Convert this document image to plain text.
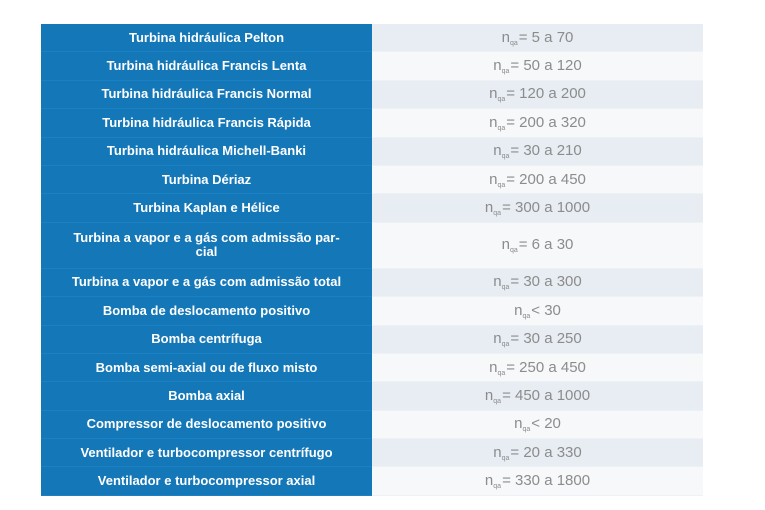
Turbina hidráulica Pelton	$n_{qa}= 5$ a 70
Turbina hidráulica Francis Lenta	$n_{qa}= 50$ a 120
Turbina hidráulica Francis Normal	$n_{qa}= 120$ a 200
Turbina hidráulica Francis Rápida	$n_{qa}= 200$ a 320
Turbina hidráulica Michell-Banki	$n_{qa}= 30$ a 210
Turbina Dériaz	$n_{qa}= 200$ a 450
Turbina Kaplan e Hélice	$n_{qa}= 300$ a 1000

Turbina a vapor e a gás com admissão par-
cial	$n_{qa}= 6$ a 30
Turbina a vapor e a gás com admissão total	$n_{qa}= 30$ a 300
Bomba de deslocamento positivo	$n_{qa}< 30$
Bomba centrífuga	$n_{qa}= 30$ a 250
Bomba semi-axial ou de fluxo misto	$n_{qa}= 250$ a 450
Bomba axial	$n_{qa}= 450$ a 1000
Compressor de deslocamento positivo	$n_{qa}< 20$
Ventilador e turbocompressor centrífugo	$n_{qa}= 20$ a 330
Ventilador e turbocompressor axial	$n_{qa}= 330$ a 1800
